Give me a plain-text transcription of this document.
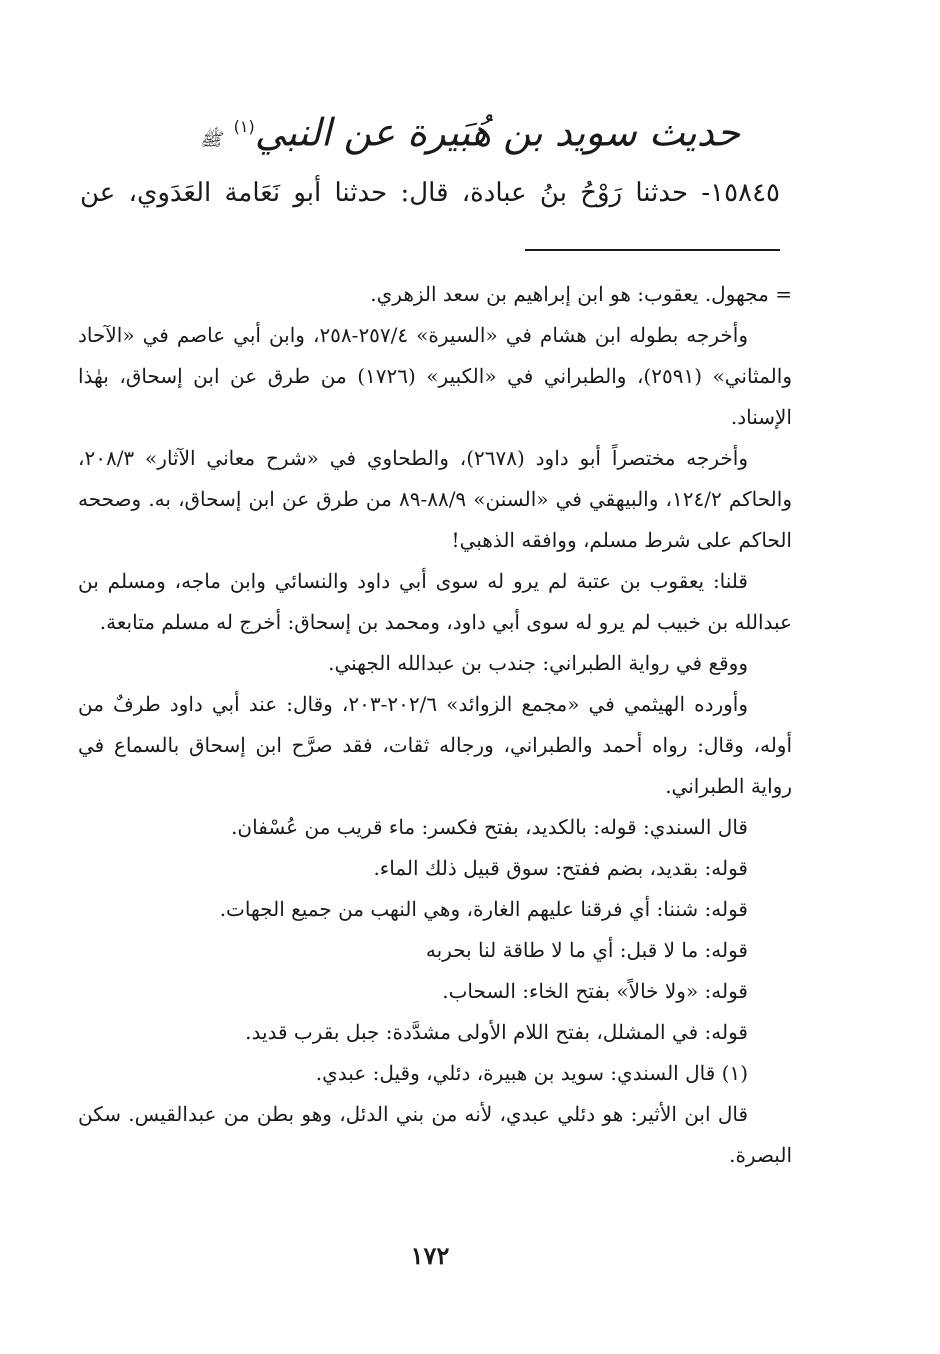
حديث سويد بن هُبَيرة عن النبي$^{(١)}$ ﷺ
١٥٨٤٥- حدثنا رَوْحُ بنُ عبادة، قال: حدثنا أبو نَعَامة العَدَوي، عن

= مجهول. يعقوب: هو ابن إبراهيم بن سعد الزهري.

وأخرجه بطوله ابن هشام في «السيرة» ٢٥٧/٤-٢٥٨، وابن أبي عاصم في «الآحاد والمثاني» (٢٥٩١)، والطبراني في «الكبير» (١٧٢٦) من طرق عن ابن إسحاق، بهٰذا الإسناد.

وأخرجه مختصراً أبو داود (٢٦٧٨)، والطحاوي في «شرح معاني الآثار» ٢٠٨/٣، والحاكم ١٢٤/٢، والبيهقي في «السنن» ٨٨/٩-٨٩ من طرق عن ابن إسحاق، به. وصححه الحاكم على شرط مسلم، ووافقه الذهبي!

قلنا: يعقوب بن عتبة لم يرو له سوى أبي داود والنسائي وابن ماجه، ومسلم بن عبدالله بن خبيب لم يرو له سوى أبي داود، ومحمد بن إسحاق: أخرج له مسلم متابعة.

ووقع في رواية الطبراني: جندب بن عبدالله الجهني.

وأورده الهيثمي في «مجمع الزوائد» ٢٠٢/٦-٢٠٣، وقال: عند أبي داود طرفٌ من أوله، وقال: رواه أحمد والطبراني، ورجاله ثقات، فقد صرَّح ابن إسحاق بالسماع في رواية الطبراني.

قال السندي: قوله: بالكديد، بفتح فكسر: ماء قريب من عُسْفان.

قوله: بقديد، بضم ففتح: سوق قبيل ذلك الماء.

قوله: شننا: أي فرقنا عليهم الغارة، وهي النهب من جميع الجهات.

قوله: ما لا قبل: أي ما لا طاقة لنا بحربه

قوله: «ولا خالاً» بفتح الخاء: السحاب.

قوله: في المشلل، بفتح اللام الأولى مشدَّدة: جبل بقرب قديد.

(١) قال السندي: سويد بن هبيرة، دئلي، وقيل: عبدي.

قال ابن الأثير: هو دئلي عبدي، لأنه من بني الدئل، وهو بطن من عبدالقيس. سكن البصرة.

١٧٢
